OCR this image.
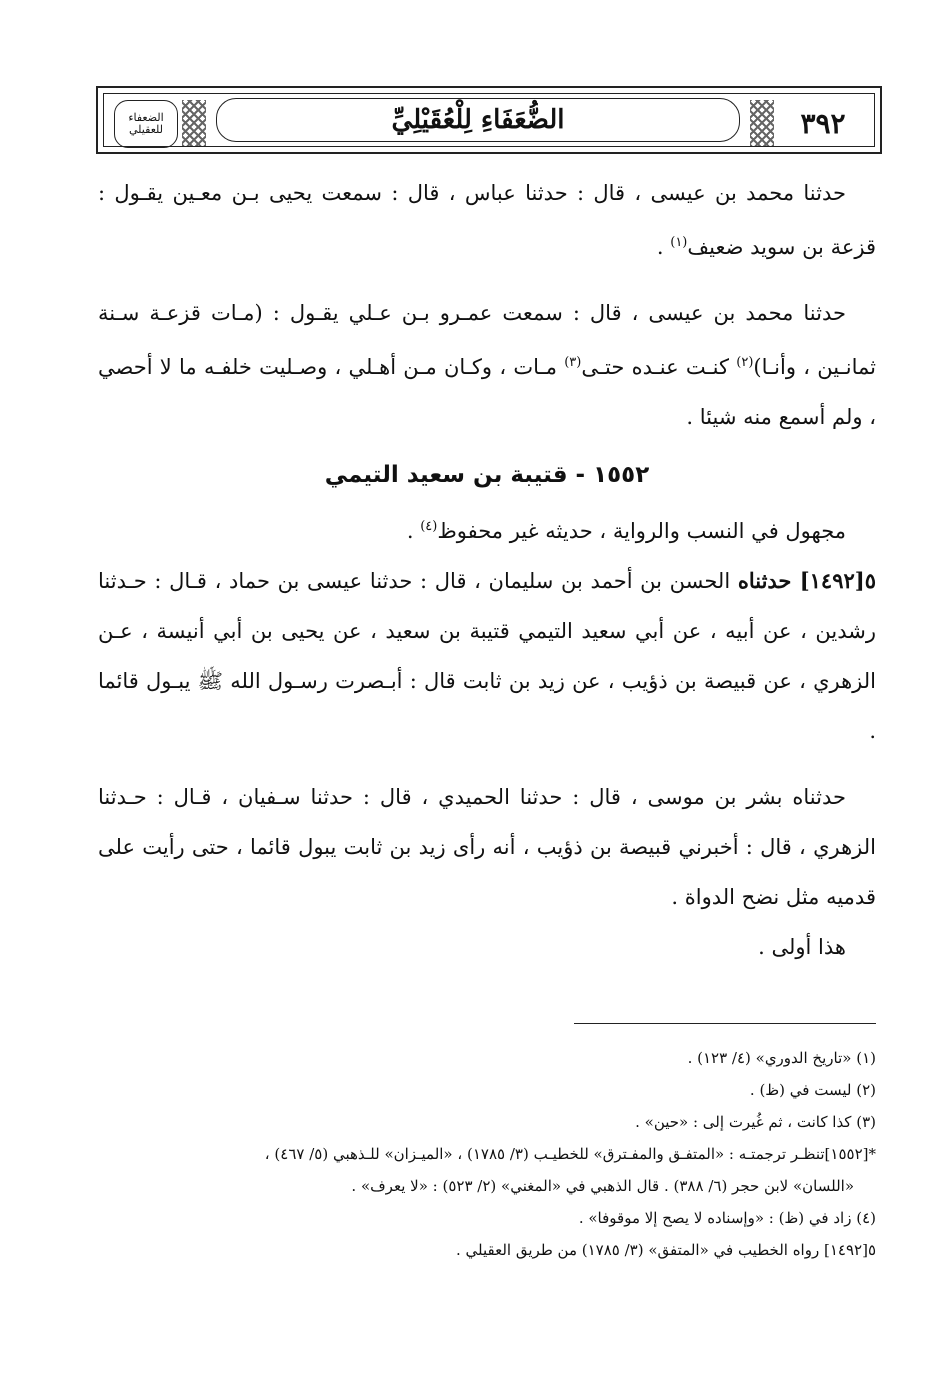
الضعفاء للعقيلي	الضُّعَفَاءِ لِلْعُقَيْلِيِّ	٣٩٢

حدثنا محمد بن عيسى ، قال : حدثنا عباس ، قال : سمعت يحيى بـن معـين يقـول : قزعة بن سويد ضعيف$^{(١)}$ .

حدثنا محمد بن عيسى ، قال : سمعت عمـرو بـن عـلي يقـول : (مـات قزعـة سـنة ثمانـين ، وأنـا)$^{(٢)}$ كنـت عنـده حتـى$^{(٣)}$ مـات ، وكـان مـن أهـلي ، وصـليت خلفـه ما لا أحصي ، ولم أسمع منه شيئا .

١٥٥٢ - قتيبة بن سعيد التيمي

مجهول في النسب والرواية ، حديثه غير محفوظ$^{(٤)}$ .

٥[١٤٩٢] حدثناه الحسن بن أحمد بن سليمان ، قال : حدثنا عيسى بن حماد ، قـال : حـدثنا رشدين ، عن أبيه ، عن أبي سعيد التيمي قتيبة بن سعيد ، عن يحيى بن أبي أنيسة ، عـن الزهري ، عن قبيصة بن ذؤيب ، عن زيد بن ثابت قال : أبـصرت رسـول الله ﷺ يبـول قائما .

حدثناه بشر بن موسى ، قال : حدثنا الحميدي ، قال : حدثنا سـفيان ، قـال : حـدثنا الزهري ، قال : أخبرني قبيصة بن ذؤيب ، أنه رأى زيد بن ثابت يبول قائما ، حتى رأيت على قدميه مثل نضح الدواة .

هذا أولى .

(١) «تاريخ الدوري» (٤/ ١٢٣) .

(٢) ليست في (ظ) .

(٣) كذا كانت ، ثم غُيرت إلى : «حين» .

*[١٥٥٢]تنظـر ترجمتـه : «المتفـق والمفـترق» للخطيـب (٣/ ١٧٨٥) ، «الميـزان» للـذهبي (٥/ ٤٦٧) ،

«اللسان» لابن حجر (٦/ ٣٨٨) . قال الذهبي في «المغني» (٢/ ٥٢٣) : «لا يعرف» .

(٤) زاد في (ظ) : «وإسناده لا يصح إلا موقوفا» .

٥[١٤٩٢] رواه الخطيب في «المتفق» (٣/ ١٧٨٥) من طريق العقيلي .
